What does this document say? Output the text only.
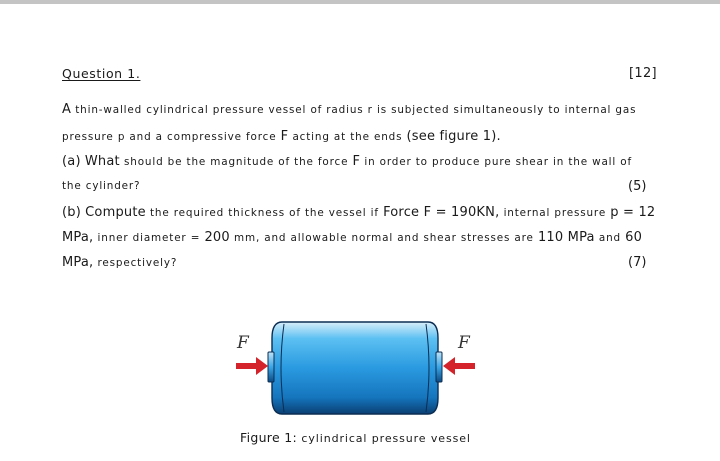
Question 1.	[12]
A thin-walled cylindrical pressure vessel of radius r is subjected simultaneously to internal gas
pressure p and a compressive force F acting at the ends (see figure 1).
(a) What should be the magnitude of the force F in order to produce pure shear in the wall of
the cylinder?	(5)
(b) Compute the required thickness of the vessel if Force F = 190KN, internal pressure p = 12
MPa, inner diameter = 200 mm, and allowable normal and shear stresses are 110 MPa and 60
MPa, respectively?	(7)
F	F
Figure 1: cylindrical pressure vessel
